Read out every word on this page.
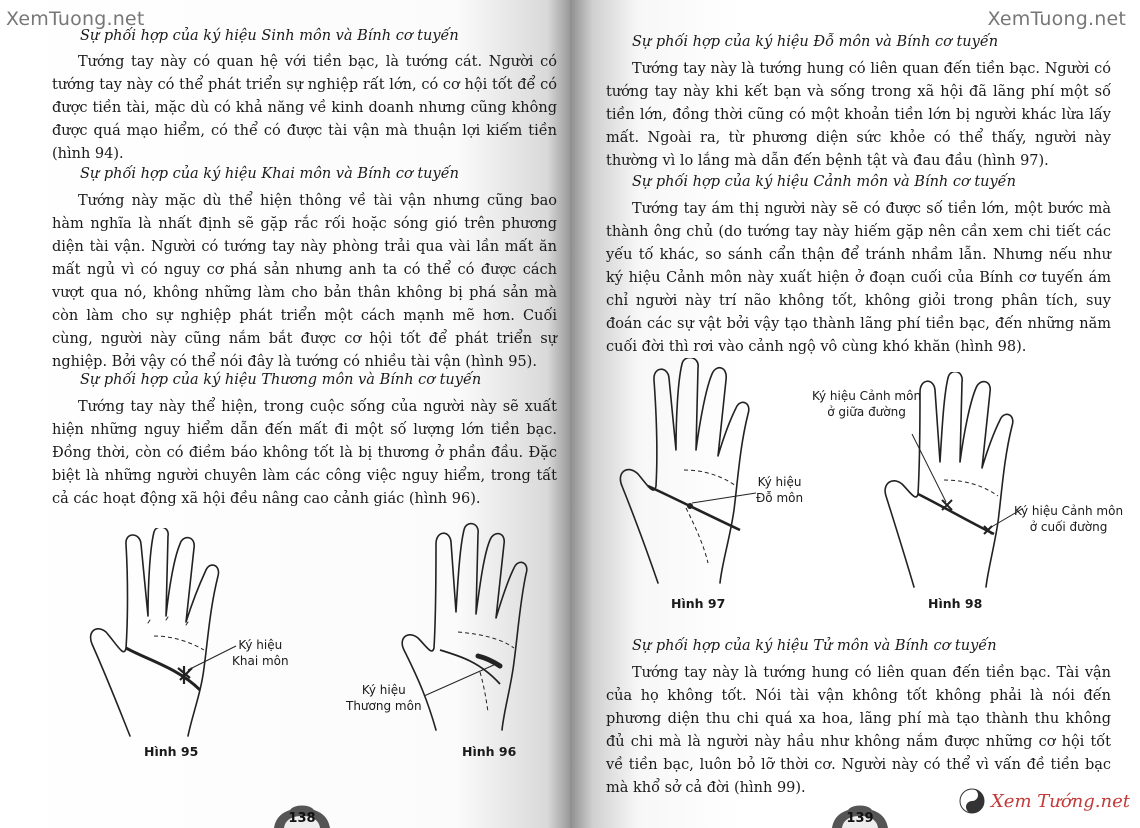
XemTuong.net
Sự phối hợp của ký hiệu Sinh môn và Bính cơ tuyến

Tướng tay này có quan hệ với tiền bạc, là tướng cát. Người có tướng tay này có thể phát triển sự nghiệp rất lớn, có cơ hội tốt để có được tiền tài, mặc dù có khả năng về kinh doanh nhưng cũng không được quá mạo hiểm, có thể có được tài vận mà thuận lợi kiếm tiền (hình 94).

Sự phối hợp của ký hiệu Khai môn và Bính cơ tuyến

Tướng này mặc dù thể hiện thông về tài vận nhưng cũng bao hàm nghĩa là nhất định sẽ gặp rắc rối hoặc sóng gió trên phương diện tài vận. Người có tướng tay này phòng trải qua vài lần mất ăn mất ngủ vì có nguy cơ phá sản nhưng anh ta có thể có được cách vượt qua nó, không những làm cho bản thân không bị phá sản mà còn làm cho sự nghiệp phát triển một cách mạnh mẽ hơn. Cuối cùng, người này cũng nắm bắt được cơ hội tốt để phát triển sự nghiệp. Bởi vậy có thể nói đây là tướng có nhiều tài vận (hình 95).

Sự phối hợp của ký hiệu Thương môn và Bính cơ tuyến

Tướng tay này thể hiện, trong cuộc sống của người này sẽ xuất hiện những nguy hiểm dẫn đến mất đi một số lượng lớn tiền bạc. Đồng thời, còn có điềm báo không tốt là bị thương ở phần đầu. Đặc biệt là những người chuyên làm các công việc nguy hiểm, trong tất cả các hoạt động xã hội đều nâng cao cảnh giác (hình 96).

Ký hiệu
Khai môn
Hình 95
Ký hiệu
Thương môn
Hình 96
138
XemTuong.net
Sự phối hợp của ký hiệu Đỗ môn và Bính cơ tuyến

Tướng tay này là tướng hung có liên quan đến tiền bạc. Người có tướng tay này khi kết bạn và sống trong xã hội đã lãng phí một số tiền lớn, đồng thời cũng có một khoản tiền lớn bị người khác lừa lấy mất. Ngoài ra, từ phương diện sức khỏe có thể thấy, người này thường vì lo lắng mà dẫn đến bệnh tật và đau đầu (hình 97).

Sự phối hợp của ký hiệu Cảnh môn và Bính cơ tuyến

Tướng tay ám thị người này sẽ có được số tiền lớn, một bước mà thành ông chủ (do tướng tay này hiếm gặp nên cần xem chi tiết các yếu tố khác, so sánh cẩn thận để tránh nhầm lẫn. Nhưng nếu như ký hiệu Cảnh môn này xuất hiện ở đoạn cuối của Bính cơ tuyến ám chỉ người này trí não không tốt, không giỏi trong phân tích, suy đoán các sự vật bởi vậy tạo thành lãng phí tiền bạc, đến những năm cuối đời thì rơi vào cảnh ngộ vô cùng khó khăn (hình 98).

Ký hiệu
Đỗ môn
Hình 97
Ký hiệu Cảnh môn
ở giữa đường
Ký hiệu Cảnh môn
ở cuối đường
Hình 98
Sự phối hợp của ký hiệu Tử môn và Bính cơ tuyến

Tướng tay này là tướng hung có liên quan đến tiền bạc. Tài vận của họ không tốt. Nói tài vận không tốt không phải là nói đến phương diện thu chi quá xa hoa, lãng phí mà tạo thành thu không đủ chi mà là người này hầu như không nắm được những cơ hội tốt về tiền bạc, luôn bỏ lỡ thời cơ. Người này có thể vì vấn đề tiền bạc mà khổ sở cả đời (hình 99).

139
Xem Tướng.net
